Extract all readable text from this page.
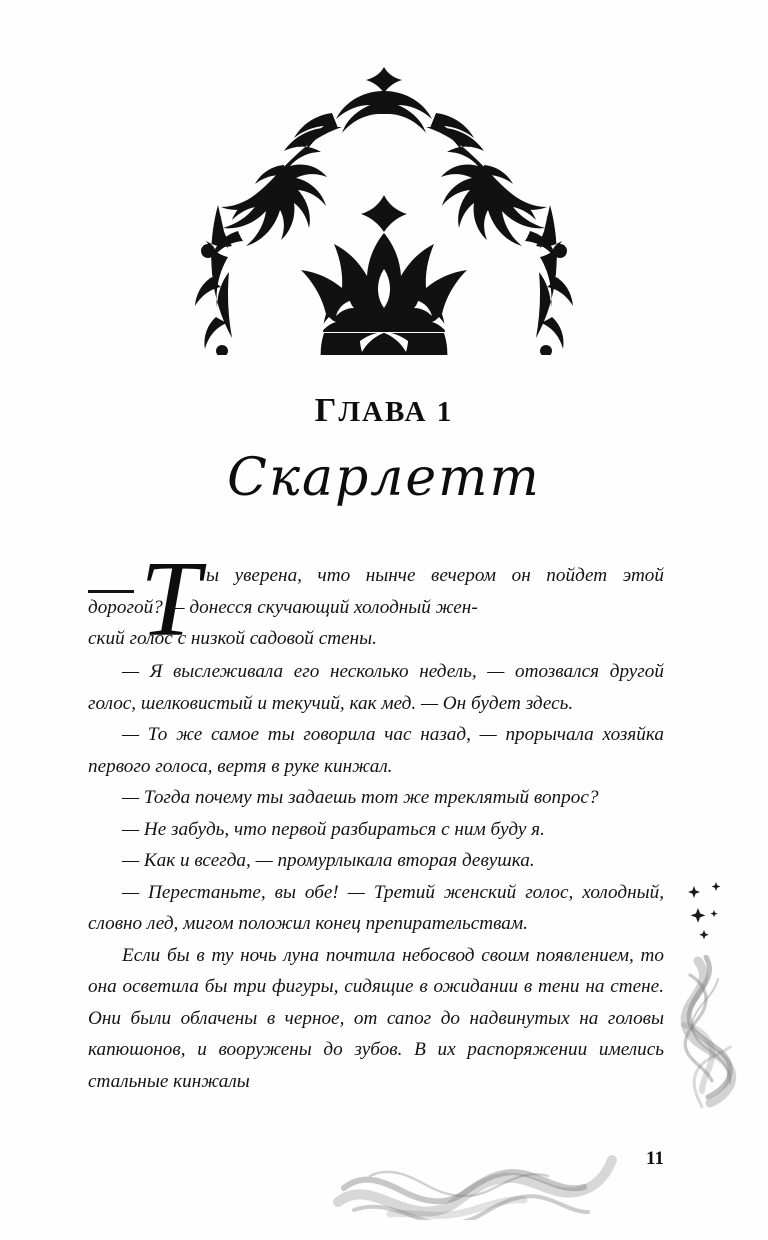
ГЛАВА 1
Скарлетт

Т ы уверена, что нынче вечером он пойдет этой дорогой? — донесся скучающий холодный жен-
ский голос с низкой садовой стены.

— Я выслеживала его несколько недель, — отозвался другой голос, шелковистый и текучий, как мед. — Он будет здесь.

— То же самое ты говорила час назад, — прорычала хозяйка первого голоса, вертя в руке кинжал.

— Тогда почему ты задаешь тот же треклятый вопрос?

— Не забудь, что первой разбираться с ним буду я.

— Как и всегда, — промурлыкала вторая девушка.

— Перестаньте, вы обе! — Третий женский голос, холодный, словно лед, мигом положил конец препирательствам.

Если бы в ту ночь луна почтила небосвод своим появлением, то она осветила бы три фигуры, сидящие в ожидании в тени на стене. Они были облачены в черное, от сапог до надвинутых на головы капюшонов, и вооружены до зубов. В их распоряжении имелись стальные кинжалы

11
